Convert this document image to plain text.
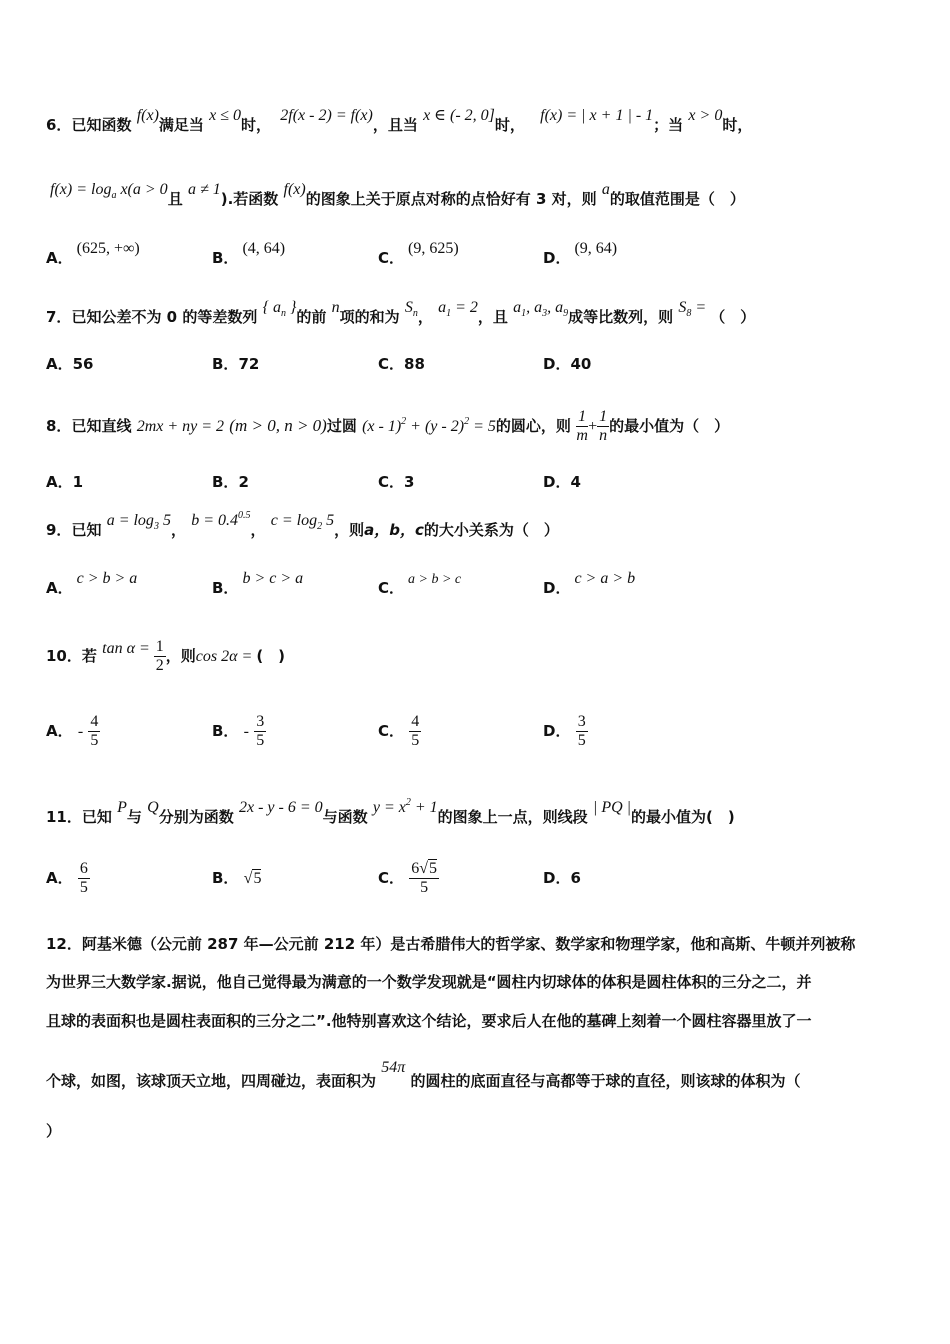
6．已知函数 f(x)满足当 x ≤ 0时， 2f(x - 2) = f(x)，且当 x ∈ (- 2, 0]时， f(x) = | x + 1 | - 1；当 x > 0时，
$f(x) = \log_a x(a > 0$且 a ≠ 1).若函数 f(x)的图象上关于原点对称的点恰好有 3 对，则 a的取值范围是（　）
A．(625, +∞)
B．(4, 64)
C．(9, 625)
D．(9, 64)
7．已知公差不为 0 的等差数列 { $a_n$ }的前 n项的和为 $S_n$， $a_1 = 2$，且 $a_1$, $a_3$, $a_9$成等比数列，则 $S_8$ = （　）
A．56	B．72	C．88	D．40
8．已知直线 2mx + ny = 2 (m > 0, n > 0)过圆 (x - 1)$^2$ + (y - 2)$^2$ = 5的圆心，则 $\frac{1}{m} + \frac{1}{n}$ 的最小值为（　）
A．1	B．2	C．3	D．4
9．已知 $a = \log_3 5$， $b = 0.4^{0.5}$， $c = \log_2 5$，则a，b，c的大小关系为（　）
A．c > b > a
B．b > c > a
C． a > b > c	D．c > a > b
10．若 $\tan \alpha = \frac{1}{2}$ ，则cos 2α = (　)
A． - $\frac{4}{5}$	B． - $\frac{3}{5}$	C． $\frac{4}{5}$	D． $\frac{3}{5}$
11．已知 P与 Q分别为函数 2x - y - 6 = 0与函数 $y = x^2 + 1$的图象上一点，则线段 | PQ |的最小值为(　)
A． $\frac{6}{5}$	B． √5	C． $\frac{6√5}{5}$	D．6
12．阿基米德（公元前 287 年—公元前 212 年）是古希腊伟大的哲学家、数学家和物理学家，他和高斯、牛顿并列被称
为世界三大数学家.据说，他自己觉得最为满意的一个数学发现就是“圆柱内切球体的体积是圆柱体积的三分之二，并
且球的表面积也是圆柱表面积的三分之二”.他特别喜欢这个结论，要求后人在他的墓碑上刻着一个圆柱容器里放了一
个球，如图，该球顶天立地，四周碰边，表面积为 54π 的圆柱的底面直径与高都等于球的直径，则该球的体积为（
）
